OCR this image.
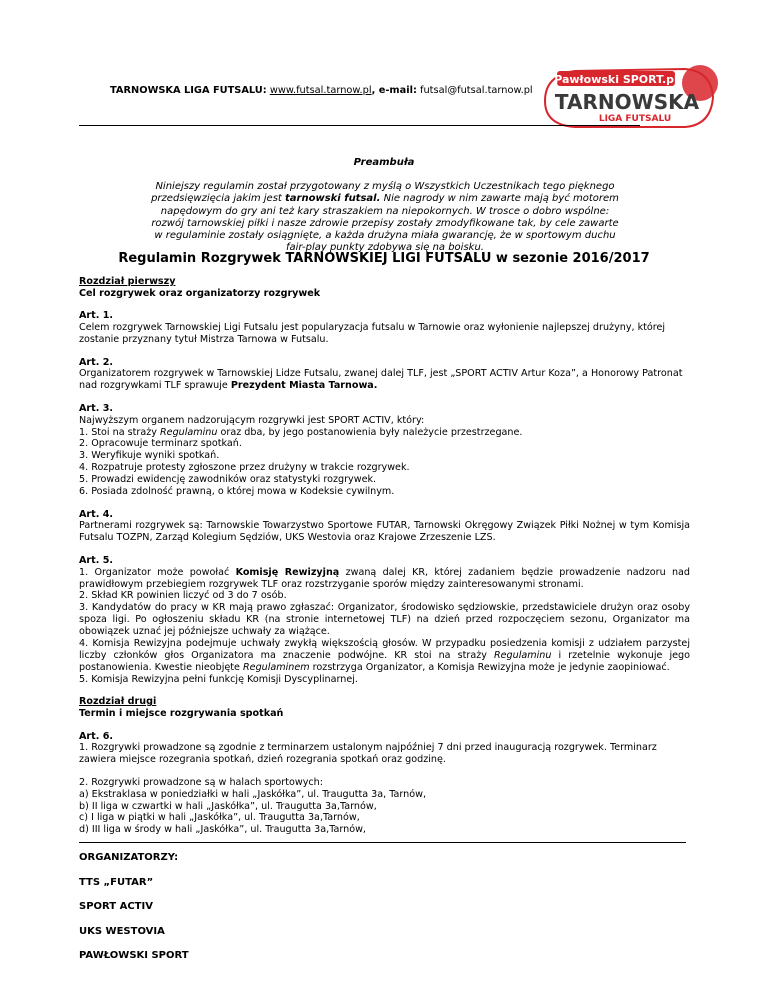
TARNOWSKA LIGA FUTSALU: www.futsal.tarnow.pl, e-mail: futsal@futsal.tarnow.pl
Pawłowski SPORT.pl
TARNOWSKA
LIGA FUTSALU
Preambuła
Niniejszy regulamin został przygotowany z myślą o Wszystkich Uczestnikach tego pięknego przedsięwzięcia jakim jest tarnowski futsal. Nie nagrody w nim zawarte mają być motorem napędowym do gry ani też kary straszakiem na niepokornych. W trosce o dobro wspólne: rozwój tarnowskiej piłki i nasze zdrowie przepisy zostały zmodyfikowane tak, by cele zawarte w regulaminie zostały osiągnięte, a każda drużyna miała gwarancję, że w sportowym duchu fair-play punkty zdobywa się na boisku.
Regulamin Rozgrywek TARNOWSKIEJ LIGI FUTSALU w sezonie 2016/2017

Rozdział pierwszy
Cel rozgrywek oraz organizatorzy rozgrywek

Art. 1.
Celem rozgrywek Tarnowskiej Ligi Futsalu jest popularyzacja futsalu w Tarnowie oraz wyłonienie najlepszej drużyny, której zostanie przyznany tytuł Mistrza Tarnowa w Futsalu.

Art. 2.
Organizatorem rozgrywek w Tarnowskiej Lidze Futsalu, zwanej dalej TLF, jest „SPORT ACTIV Artur Koza”, a Honorowy Patronat nad rozgrywkami TLF sprawuje Prezydent Miasta Tarnowa.

Art. 3.
Najwyższym organem nadzorującym rozgrywki jest SPORT ACTIV, który:
1. Stoi na straży Regulaminu oraz dba, by jego postanowienia były należycie przestrzegane.
2. Opracowuje terminarz spotkań.
3. Weryfikuje wyniki spotkań.
4. Rozpatruje protesty zgłoszone przez drużyny w trakcie rozgrywek.
5. Prowadzi ewidencję zawodników oraz statystyki rozgrywek.
6. Posiada zdolność prawną, o której mowa w Kodeksie cywilnym.

Art. 4.
Partnerami rozgrywek są: Tarnowskie Towarzystwo Sportowe FUTAR, Tarnowski Okręgowy Związek Piłki Nożnej w tym Komisja Futsalu TOZPN, Zarząd Kolegium Sędziów, UKS Westovia oraz Krajowe Zrzeszenie LZS.

Art. 5.
1. Organizator może powołać Komisję Rewizyjną zwaną dalej KR, której zadaniem będzie prowadzenie nadzoru nad prawidłowym przebiegiem rozgrywek TLF oraz rozstrzyganie sporów między zainteresowanymi stronami.
2. Skład KR powinien liczyć od 3 do 7 osób.
3. Kandydatów do pracy w KR mają prawo zgłaszać: Organizator, środowisko sędziowskie, przedstawiciele drużyn oraz osoby spoza ligi. Po ogłoszeniu składu KR (na stronie internetowej TLF) na dzień przed rozpoczęciem sezonu, Organizator ma obowiązek uznać jej późniejsze uchwały za wiążące.
4. Komisja Rewizyjna podejmuje uchwały zwykłą większością głosów. W przypadku posiedzenia komisji z udziałem parzystej liczby członków głos Organizatora ma znaczenie podwójne. KR stoi na straży Regulaminu i rzetelnie wykonuje jego postanowienia. Kwestie nieobjęte Regulaminem rozstrzyga Organizator, a Komisja Rewizyjna może je jedynie zaopiniować.
5. Komisja Rewizyjna pełni funkcję Komisji Dyscyplinarnej.

Rozdział drugi
Termin i miejsce rozgrywania spotkań

Art. 6.
1. Rozgrywki prowadzone są zgodnie z terminarzem ustalonym najpóźniej 7 dni przed inauguracją rozgrywek. Terminarz zawiera miejsce rozegrania spotkań, dzień rozegrania spotkań oraz godzinę.

2. Rozgrywki prowadzone są w halach sportowych:
a) Ekstraklasa w poniedziałki w hali „Jaskółka”, ul. Traugutta 3a, Tarnów,
b) II liga w czwartki w hali „Jaskółka”, ul. Traugutta 3a,Tarnów,
c) I liga w piątki w hali „Jaskółka”, ul. Traugutta 3a,Tarnów,
d) III liga w środy w hali „Jaskółka”, ul. Traugutta 3a,Tarnów,

ORGANIZATORZY:
TTS „FUTAR”
SPORT ACTIV
UKS WESTOVIA
PAWŁOWSKI SPORT
